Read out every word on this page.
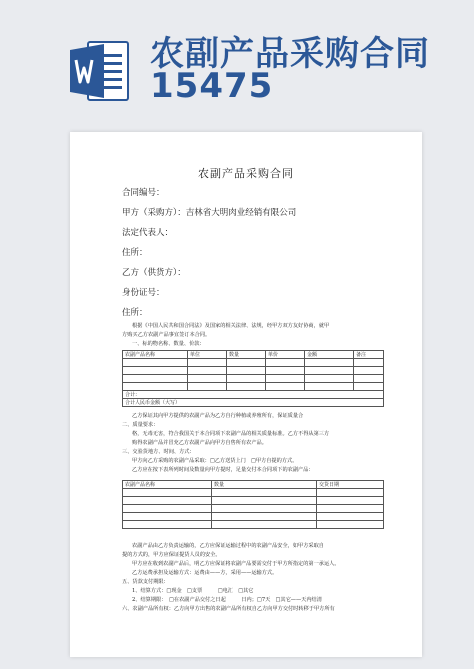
农副产品采购合同
15475
农副产品采购合同
合同编号：
甲方（采购方）：吉林省大明肉业经销有限公司
法定代表人：
住所：
乙方（供货方）：
身份证号：
住所：

根据《中国人民共和国合同法》及国家的相关法律、法规，经甲方双方友好协商，就甲

方购买乙方农副产品事宜签订本合同。

一、标的物名称、数量、价款：

农副产品名称	单位	数量	单价	金额	备注

合计：					
合计人民币金额（大写）					

乙方保证其向甲方提供的农副产品为乙方自行种植或养殖所有，保证质量合

二、质量要求：

格，无毒无害，符合我国关于本合同项下农副产品的相关质量标准。乙方不得从第三方

购得农副产品并冒充乙方农副产品向甲方自售所有农产品。

三、交验货地方、时间、方式：

甲方向乙方采购的农副产品采取：□乙方送货上门　□甲方自提的方式。

乙方应在按下表所列时间及数量向甲方提时，足量交付本合同项下的农副产品：

农副产品名称	数量	交货日期

农副产品由乙方负责运输的，乙方应保证运输过程中的农副产品安全，如甲方采取自

提的方式的，甲方应保证提货人员的安全。

甲方应在收到农副产品后，明乙方应保证将农副产品要需交付于甲方所指定的第一承运人。

乙方运费承担及运输方式：运费由——方，采用——运输方式。

五、货款支付期限：

1、结算方式：□现金　□支票　　　□电汇　□其它

2、结算期限：　□在农副产品交付之日起　　　日内；□7天　□其它——天内结清

六、农副产品所有权：乙方向甲方出售的农副产品所有权自乙方向甲方交付时转移于甲方所有
